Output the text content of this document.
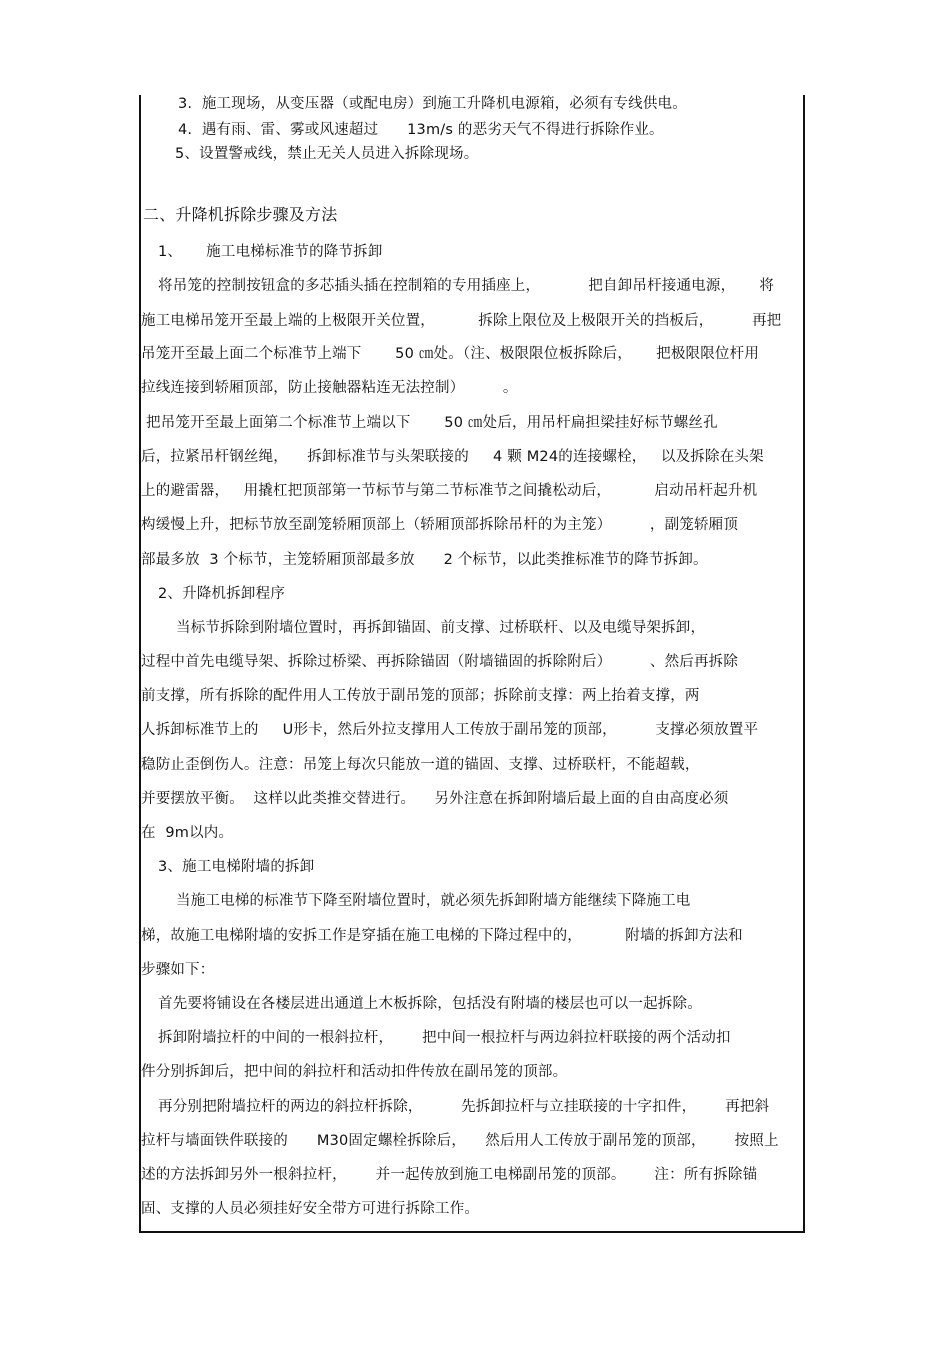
3.  施工现场，从变压器（或配电房）到施工升降机电源箱，必须有专线供电。
4.  遇有雨、雷、雾或风速超过      13m/s 的恶劣天气不得进行拆除作业。
5、设置警戒线，禁止无关人员进入拆除现场。
二、升降机拆除步骤及方法
1、     施工电梯标准节的降节拆卸
将吊笼的控制按钮盒的多芯插头插在控制箱的专用插座上，          把自卸吊杆接通电源，     将
施工电梯吊笼开至最上端的上极限开关位置，         拆除上限位及上极限开关的挡板后，        再把
吊笼开至最上面二个标准节上端下       50 ㎝处。（注、极限限位板拆除后，     把极限限位杆用
拉线连接到轿厢顶部，防止接触器粘连无法控制）        。
把吊笼开至最上面第二个标准节上端以下       50 ㎝处后，用吊杆扁担梁挂好标节螺丝孔
后，拉紧吊杆钢丝绳，    拆卸标准节与头架联接的     4 颗 M24的连接螺栓，   以及拆除在头架
上的避雷器，   用撬杠把顶部第一节标节与第二节标准节之间撬松动后，         启动吊杆起升机
构缓慢上升，把标节放至副笼轿厢顶部上（轿厢顶部拆除吊杆的为主笼）        ，副笼轿厢顶
部最多放  3 个标节，主笼轿厢顶部最多放      2 个标节，以此类推标准节的降节拆卸。
2、升降机拆卸程序
当标节拆除到附墙位置时，再拆卸锚固、前支撑、过桥联杆、以及电缆导架拆卸，
过程中首先电缆导架、拆除过桥梁、再拆除锚固（附墙锚固的拆除附后）        、然后再拆除
前支撑，所有拆除的配件用人工传放于副吊笼的顶部；拆除前支撑：两上抬着支撑，两
人拆卸标准节上的     U形卡，然后外拉支撑用人工传放于副吊笼的顶部，        支撑必须放置平
稳防止歪倒伤人。注意：吊笼上每次只能放一道的锚固、支撑、过桥联杆，不能超载，
并要摆放平衡。  这样以此类推交替进行。    另外注意在拆卸附墙后最上面的自由高度必须
在  9m以内。
3、施工电梯附墙的拆卸
当施工电梯的标准节下降至附墙位置时，就必须先拆卸附墙方能继续下降施工电
梯，故施工电梯附墙的安拆工作是穿插在施工电梯的下降过程中的，         附墙的拆卸方法和
步骤如下：
首先要将铺设在各楼层进出通道上木板拆除，包括没有附墙的楼层也可以一起拆除。
拆卸附墙拉杆的中间的一根斜拉杆，      把中间一根拉杆与两边斜拉杆联接的两个活动扣
件分别拆卸后，把中间的斜拉杆和活动扣件传放在副吊笼的顶部。
再分别把附墙拉杆的两边的斜拉杆拆除，        先拆卸拉杆与立挂联接的十字扣件，      再把斜
拉杆与墙面铁件联接的      M30固定螺栓拆除后，    然后用人工传放于副吊笼的顶部，      按照上
述的方法拆卸另外一根斜拉杆，      并一起传放到施工电梯副吊笼的顶部。      注：所有拆除锚
固、支撑的人员必须挂好安全带方可进行拆除工作。
